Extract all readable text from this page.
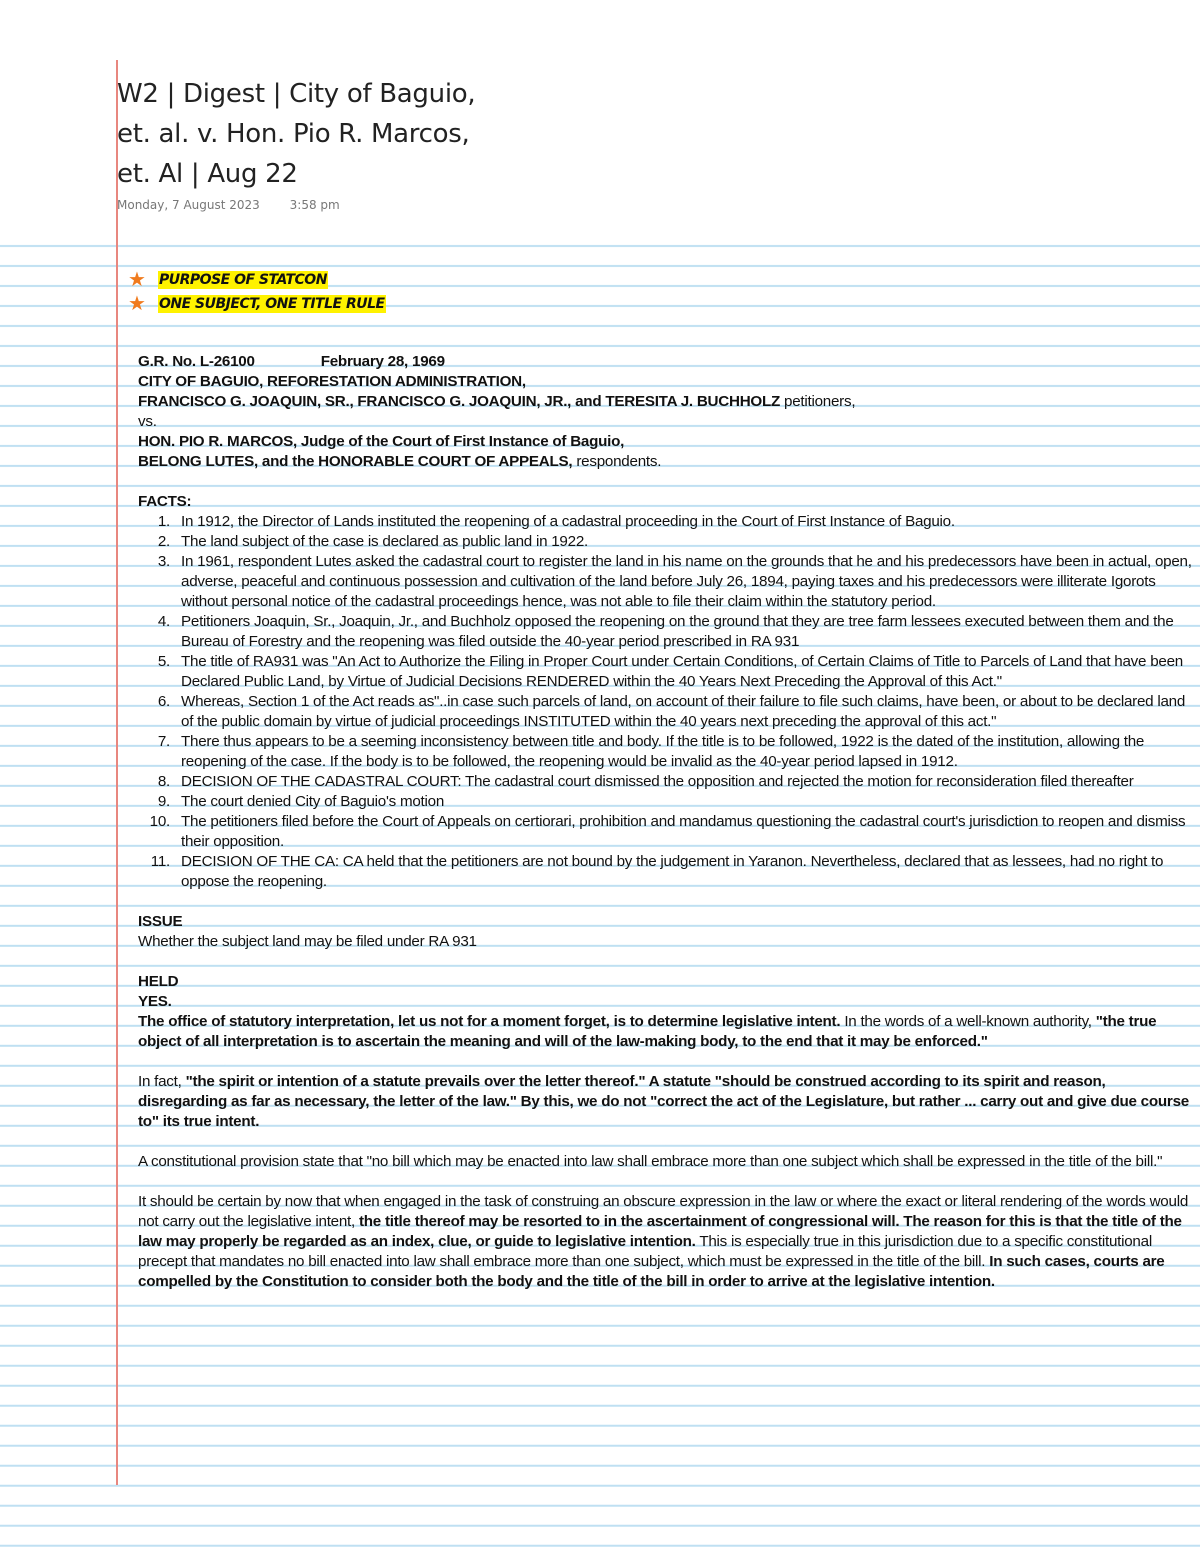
W2 | Digest | City of Baguio,
et. al. v. Hon. Pio R. Marcos,
et. Al | Aug 22
Monday, 7 August 2023 3:58 pm
★ PURPOSE OF STATCON
★ ONE SUBJECT, ONE TITLE RULE

G.R. No. L-26100	February 28, 1969

CITY OF BAGUIO, REFORESTATION ADMINISTRATION,

FRANCISCO G. JOAQUIN, SR., FRANCISCO G. JOAQUIN, JR., and TERESITA J. BUCHHOLZ petitioners,

vs.

HON. PIO R. MARCOS, Judge of the Court of First Instance of Baguio,

BELONG LUTES, and the HONORABLE COURT OF APPEALS, respondents.

FACTS:

1. In 1912, the Director of Lands instituted the reopening of a cadastral proceeding in the Court of First Instance of Baguio.
2. The land subject of the case is declared as public land in 1922.
3. In 1961, respondent Lutes asked the cadastral court to register the land in his name on the grounds that he and his predecessors have been in actual, open, adverse, peaceful and continuous possession and cultivation of the land before July 26, 1894, paying taxes and his predecessors were illiterate Igorots without personal notice of the cadastral proceedings hence, was not able to file their claim within the statutory period.
4. Petitioners Joaquin, Sr., Joaquin, Jr., and Buchholz opposed the reopening on the ground that they are tree farm lessees executed between them and the Bureau of Forestry and the reopening was filed outside the 40-year period prescribed in RA 931
5. The title of RA931 was "An Act to Authorize the Filing in Proper Court under Certain Conditions, of Certain Claims of Title to Parcels of Land that have been Declared Public Land, by Virtue of Judicial Decisions RENDERED within the 40 Years Next Preceding the Approval of this Act."
6. Whereas, Section 1 of the Act reads as"..in case such parcels of land, on account of their failure to file such claims, have been, or about to be declared land of the public domain by virtue of judicial proceedings INSTITUTED within the 40 years next preceding the approval of this act."
7. There thus appears to be a seeming inconsistency between title and body. If the title is to be followed, 1922 is the dated of the institution, allowing the reopening of the case. If the body is to be followed, the reopening would be invalid as the 40-year period lapsed in 1912.
8. DECISION OF THE CADASTRAL COURT: The cadastral court dismissed the opposition and rejected the motion for reconsideration filed thereafter
9. The court denied City of Baguio's motion
10. The petitioners filed before the Court of Appeals on certiorari, prohibition and mandamus questioning the cadastral court's jurisdiction to reopen and dismiss their opposition.
11. DECISION OF THE CA: CA held that the petitioners are not bound by the judgement in Yaranon. Nevertheless, declared that as lessees, had no right to oppose the reopening.

ISSUE

Whether the subject land may be filed under RA 931

HELD

YES.

The office of statutory interpretation, let us not for a moment forget, is to determine legislative intent. In the words of a well-known authority, "the true object of all interpretation is to ascertain the meaning and will of the law-making body, to the end that it may be enforced."

In fact, "the spirit or intention of a statute prevails over the letter thereof." A statute "should be construed according to its spirit and reason, disregarding as far as necessary, the letter of the law." By this, we do not "correct the act of the Legislature, but rather ... carry out and give due course to" its true intent.

A constitutional provision state that "no bill which may be enacted into law shall embrace more than one subject which shall be expressed in the title of the bill."

It should be certain by now that when engaged in the task of construing an obscure expression in the law or where the exact or literal rendering of the words would not carry out the legislative intent, the title thereof may be resorted to in the ascertainment of congressional will. The reason for this is that the title of the law may properly be regarded as an index, clue, or guide to legislative intention. This is especially true in this jurisdiction due to a specific constitutional precept that mandates no bill enacted into law shall embrace more than one subject, which must be expressed in the title of the bill. In such cases, courts are compelled by the Constitution to consider both the body and the title of the bill in order to arrive at the legislative intention.
